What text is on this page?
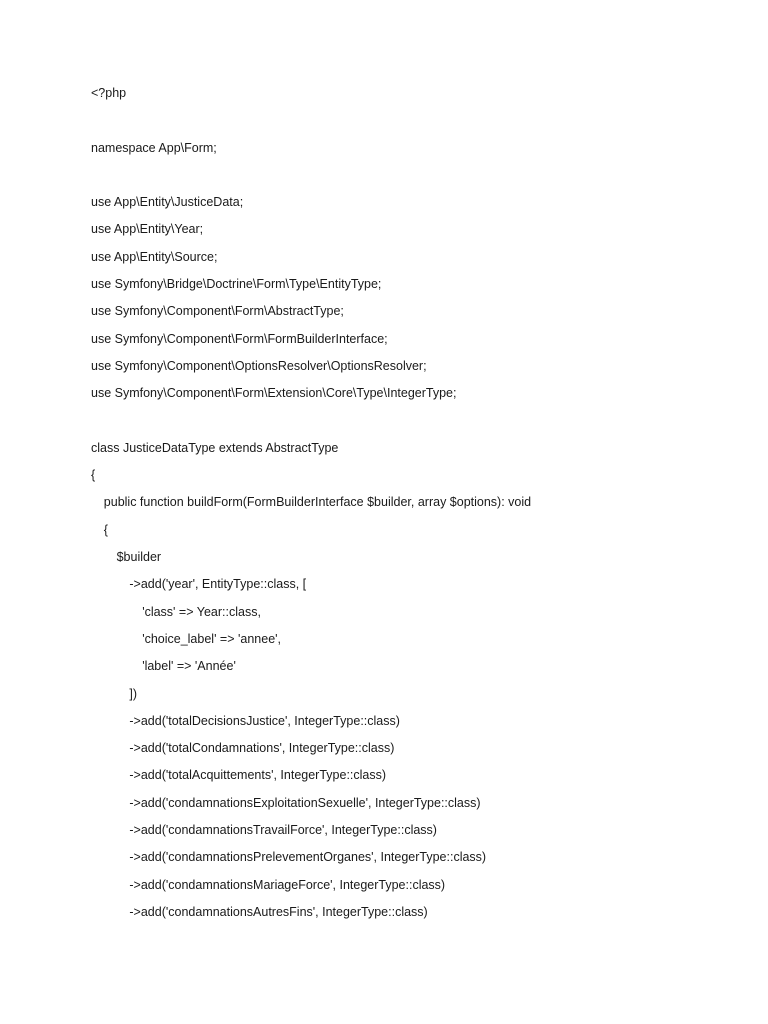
<?php
namespace App\Form;
use App\Entity\JusticeData;
use App\Entity\Year;
use App\Entity\Source;
use Symfony\Bridge\Doctrine\Form\Type\EntityType;
use Symfony\Component\Form\AbstractType;
use Symfony\Component\Form\FormBuilderInterface;
use Symfony\Component\OptionsResolver\OptionsResolver;
use Symfony\Component\Form\Extension\Core\Type\IntegerType;
class JusticeDataType extends AbstractType
{
public function buildForm(FormBuilderInterface $builder, array $options): void
{
$builder
->add('year', EntityType::class, [
'class' => Year::class,
'choice_label' => 'annee',
'label' => 'Année'
])
->add('totalDecisionsJustice', IntegerType::class)
->add('totalCondamnations', IntegerType::class)
->add('totalAcquittements', IntegerType::class)
->add('condamnationsExploitationSexuelle', IntegerType::class)
->add('condamnationsTravailForce', IntegerType::class)
->add('condamnationsPrelevementOrganes', IntegerType::class)
->add('condamnationsMariageForce', IntegerType::class)
->add('condamnationsAutresFins', IntegerType::class)
